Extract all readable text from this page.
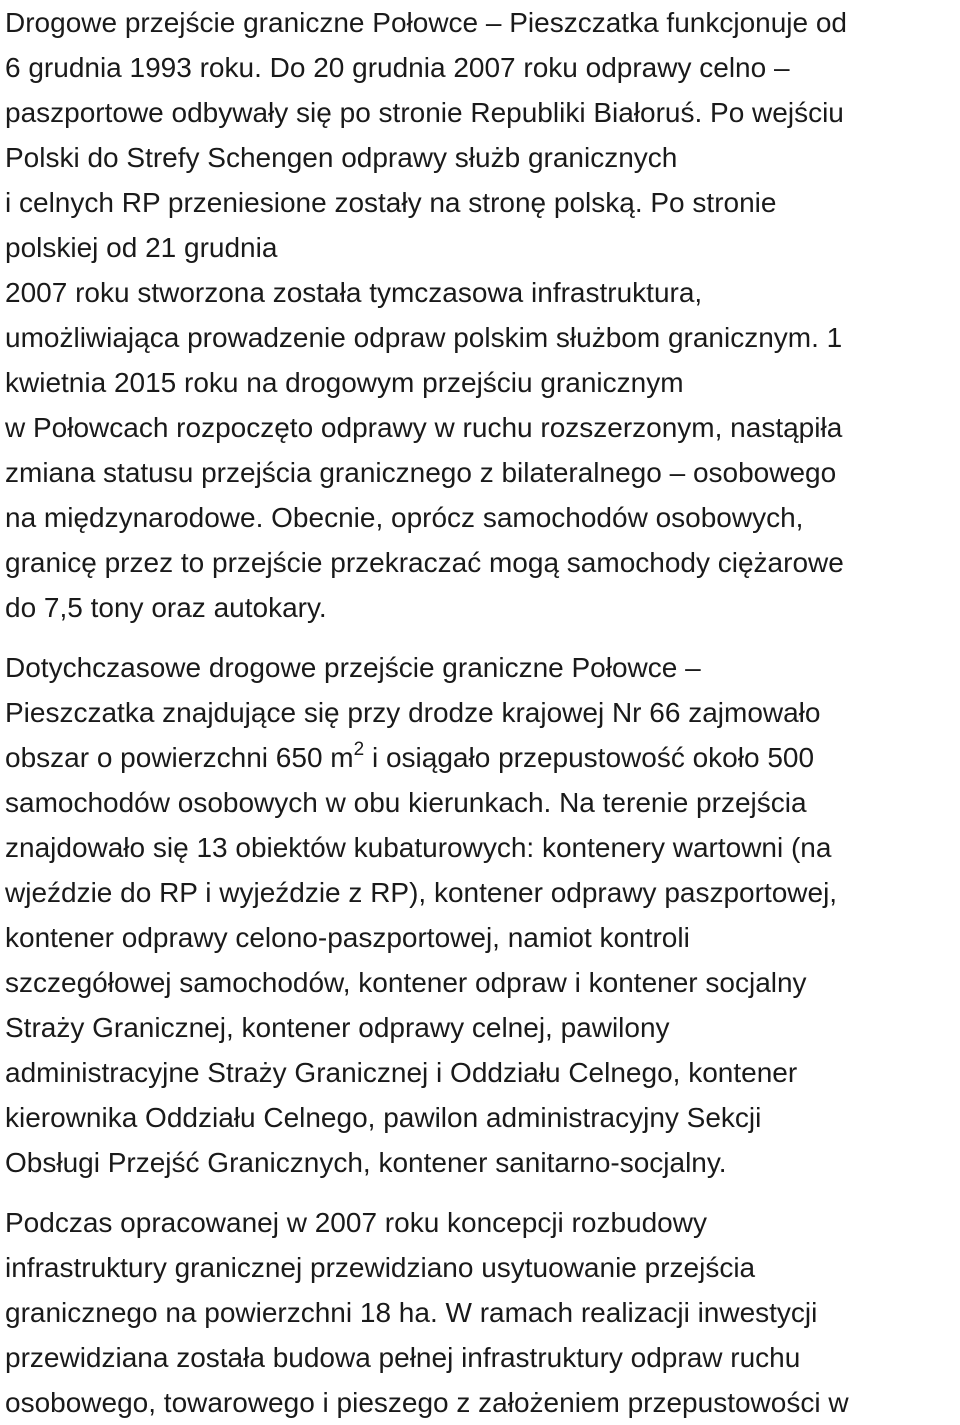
Drogowe przejście graniczne Połowce – Pieszczatka funkcjonuje od
6 grudnia 1993 roku. Do 20 grudnia 2007 roku odprawy celno –
paszportowe odbywały się po stronie Republiki Białoruś. Po wejściu
Polski do Strefy Schengen odprawy służb granicznych
i celnych RP przeniesione zostały na stronę polską. Po stronie
polskiej od 21 grudnia
2007 roku stworzona została tymczasowa infrastruktura,
umożliwiająca prowadzenie odpraw polskim służbom granicznym. 1
kwietnia 2015 roku na drogowym przejściu granicznym
w Połowcach rozpoczęto odprawy w ruchu rozszerzonym, nastąpiła
zmiana statusu przejścia granicznego z bilateralnego – osobowego
na międzynarodowe. Obecnie, oprócz samochodów osobowych,
granicę przez to przejście przekraczać mogą samochody ciężarowe
do 7,5 tony oraz autokary.
Dotychczasowe drogowe przejście graniczne Połowce –
Pieszczatka znajdujące się przy drodze krajowej Nr 66 zajmowało
obszar o powierzchni 650 $m^2$ i osiągało przepustowość około 500
samochodów osobowych w obu kierunkach. Na terenie przejścia
znajdowało się 13 obiektów kubaturowych: kontenery wartowni (na
wjeździe do RP i wyjeździe z RP), kontener odprawy paszportowej,
kontener odprawy celono-paszportowej, namiot kontroli
szczegółowej samochodów, kontener odpraw i kontener socjalny
Straży Granicznej, kontener odprawy celnej, pawilony
administracyjne Straży Granicznej i Oddziału Celnego, kontener
kierownika Oddziału Celnego, pawilon administracyjny Sekcji
Obsługi Przejść Granicznych, kontener sanitarno-socjalny.
Podczas opracowanej w 2007 roku koncepcji rozbudowy
infrastruktury granicznej przewidziano usytuowanie przejścia
granicznego na powierzchni 18 ha. W ramach realizacji inwestycji
przewidziana została budowa pełnej infrastruktury odpraw ruchu
osobowego, towarowego i pieszego z założeniem przepustowości w
